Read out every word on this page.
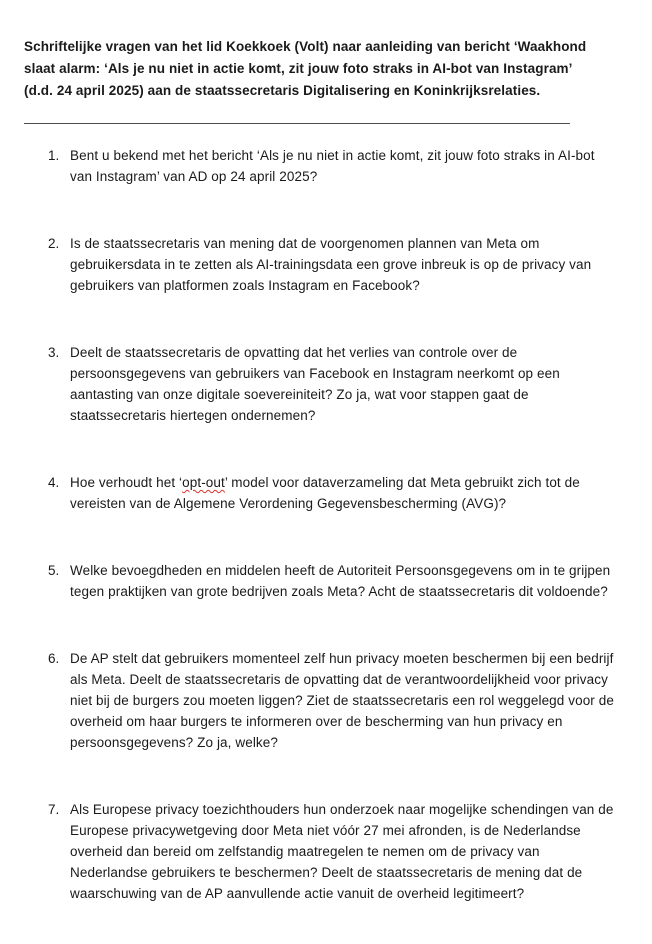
Schriftelijke vragen van het lid Koekkoek (Volt) naar aanleiding van bericht ‘Waakhond slaat alarm: ‘Als je nu niet in actie komt, zit jouw foto straks in AI-bot van Instagram’ (d.d. 24 april 2025) aan de staatssecretaris Digitalisering en Koninkrijksrelaties.
1. Bent u bekend met het bericht ‘Als je nu niet in actie komt, zit jouw foto straks in AI-bot van Instagram’ van AD op 24 april 2025?
2. Is de staatssecretaris van mening dat de voorgenomen plannen van Meta om gebruikersdata in te zetten als AI-trainingsdata een grove inbreuk is op de privacy van gebruikers van platformen zoals Instagram en Facebook?
3. Deelt de staatssecretaris de opvatting dat het verlies van controle over de persoonsgegevens van gebruikers van Facebook en Instagram neerkomt op een aantasting van onze digitale soevereiniteit? Zo ja, wat voor stappen gaat de staatssecretaris hiertegen ondernemen?
4. Hoe verhoudt het ‘opt-out’ model voor dataverzameling dat Meta gebruikt zich tot de vereisten van de Algemene Verordening Gegevensbescherming (AVG)?
5. Welke bevoegdheden en middelen heeft de Autoriteit Persoonsgegevens om in te grijpen tegen praktijken van grote bedrijven zoals Meta? Acht de staatssecretaris dit voldoende?
6. De AP stelt dat gebruikers momenteel zelf hun privacy moeten beschermen bij een bedrijf als Meta. Deelt de staatssecretaris de opvatting dat de verantwoordelijkheid voor privacy niet bij de burgers zou moeten liggen? Ziet de staatssecretaris een rol weggelegd voor de overheid om haar burgers te informeren over de bescherming van hun privacy en persoonsgegevens? Zo ja, welke?
7. Als Europese privacy toezichthouders hun onderzoek naar mogelijke schendingen van de Europese privacywetgeving door Meta niet vóór 27 mei afronden, is de Nederlandse overheid dan bereid om zelfstandig maatregelen te nemen om de privacy van Nederlandse gebruikers te beschermen? Deelt de staatssecretaris de mening dat de waarschuwing van de AP aanvullende actie vanuit de overheid legitimeert?
